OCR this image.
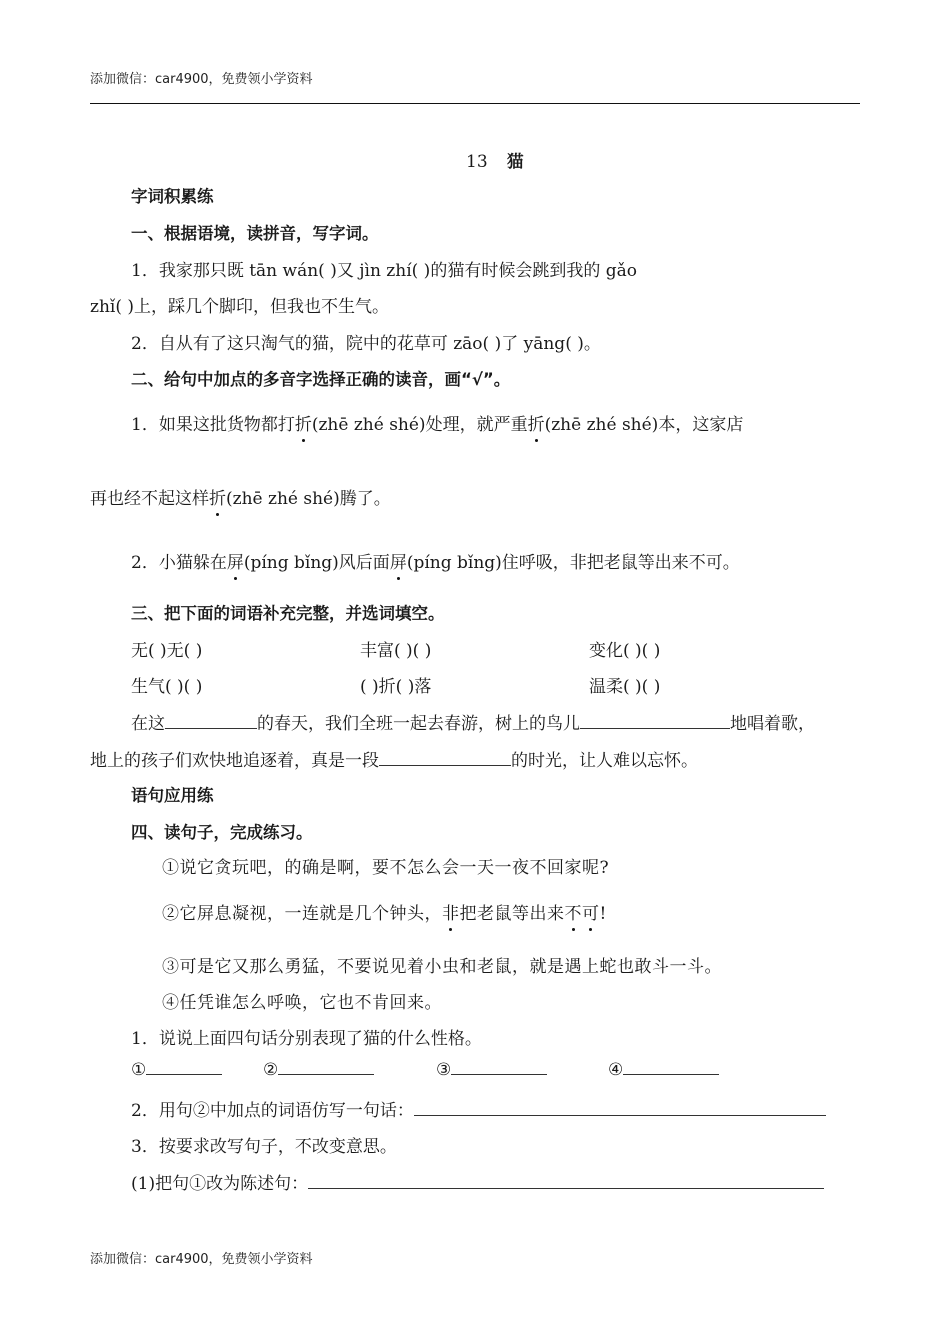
添加微信：car4900，免费领小学资料
13 猫
字词积累练
一、根据语境，读拼音，写字词。
1．我家那只既 tān wán( )又 jìn zhí( )的猫有时候会跳到我的 gǎo
zhǐ( )上，踩几个脚印，但我也不生气。
2．自从有了这只淘气的猫，院中的花草可 zāo( )了 yāng( )。
二、给句中加点的多音字选择正确的读音，画“√”。
1．如果这批货物都打折(zhē zhé shé)处理，就严重折(zhē zhé shé)本，这家店
再也经不起这样折(zhē zhé shé)腾了。
2．小猫躲在屏(píng bǐng)风后面屏(píng bǐng)住呼吸，非把老鼠等出来不可。
三、把下面的词语补充完整，并选词填空。
无( )无( )	丰富( )( )	变化( )( )
生气( )( )	( )折( )落	温柔( )( )
在这	的春天，我们全班一起去春游，树上的鸟儿	地唱着歌，
地上的孩子们欢快地追逐着，真是一段	的时光，让人难以忘怀。
语句应用练
四、读句子，完成练习。
①说它贪玩吧，的确是啊，要不怎么会一天一夜不回家呢?
②它屏息凝视，一连就是几个钟头，非把老鼠等出来不可!
③可是它又那么勇猛，不要说见着小虫和老鼠，就是遇上蛇也敢斗一斗。
④任凭谁怎么呼唤，它也不肯回来。
1．说说上面四句话分别表现了猫的什么性格。
①	②	③	④
2．用句②中加点的词语仿写一句话：
3．按要求改写句子，不改变意思。
(1)把句①改为陈述句：
添加微信：car4900，免费领小学资料
